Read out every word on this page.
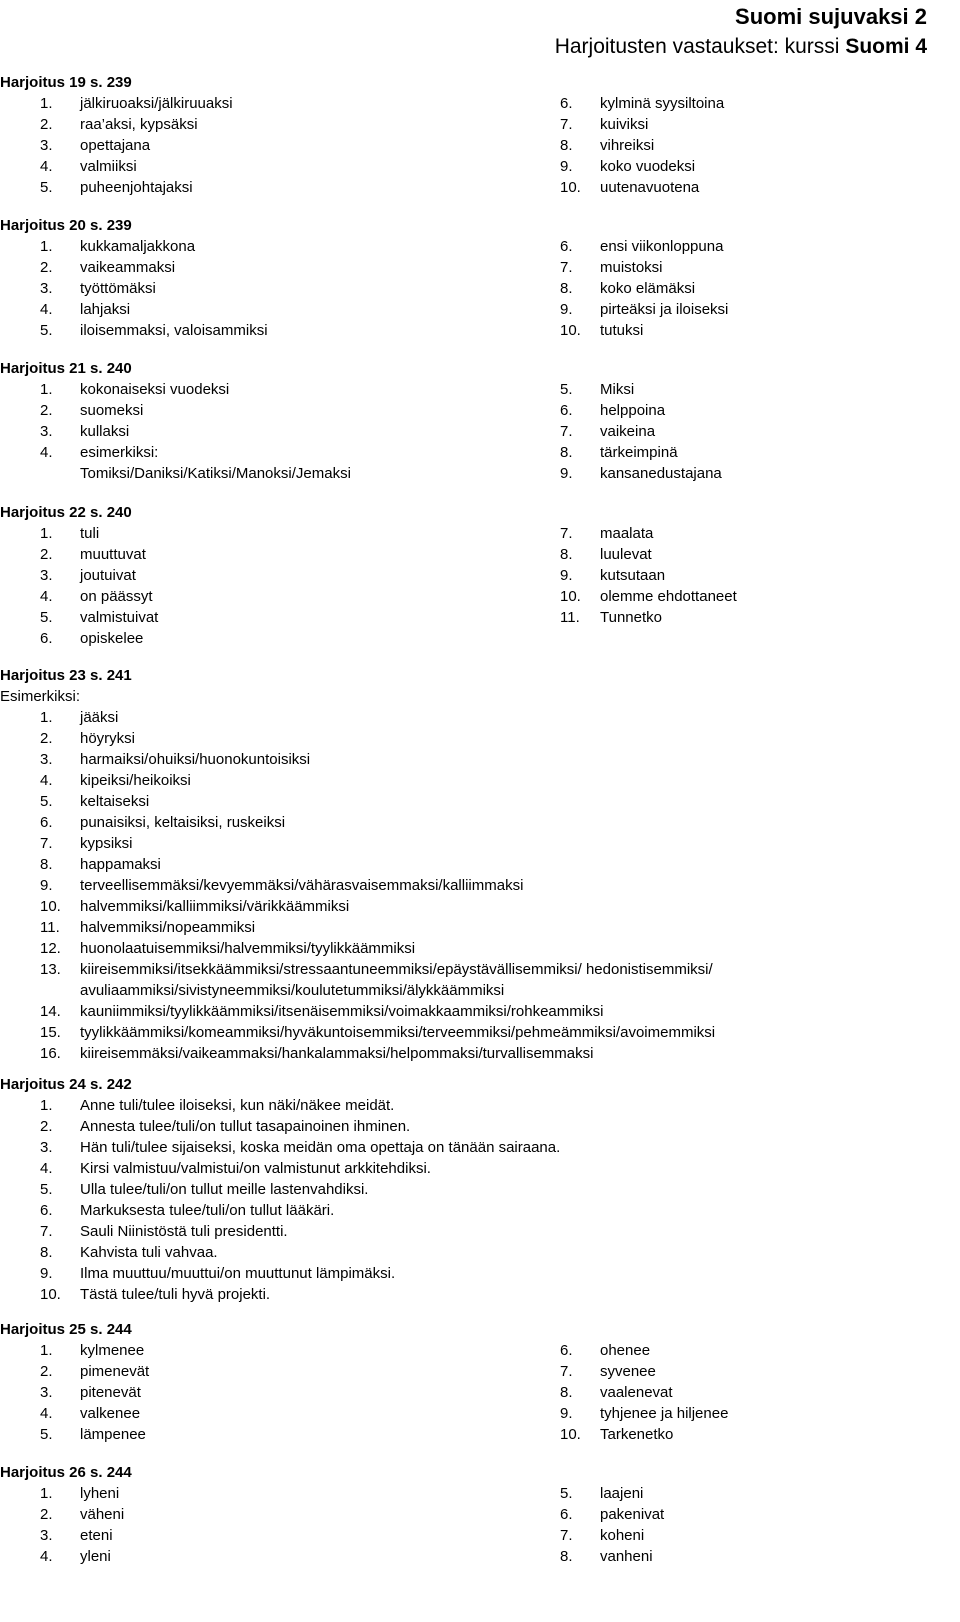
Suomi sujuvaksi 2
Harjoitusten vastaukset: kurssi Suomi 4
Harjoitus 19 s. 239
1. jälkiruoaksi/jälkiruuaksi
2. raa’aksi, kypsäksi
3. opettajana
4. valmiiksi
5. puheenjohtajaksi
6. kylminä syysiltoina
7. kuiviksi
8. vihreiksi
9. koko vuodeksi
10. uutenavuotena
Harjoitus 20 s. 239
1. kukkamaljakkona
2. vaikeammaksi
3. työttömäksi
4. lahjaksi
5. iloisemmaksi, valoisammiksi
6. ensi viikonloppuna
7. muistoksi
8. koko elämäksi
9. pirteäksi ja iloiseksi
10. tutuksi
Harjoitus 21 s. 240
1. kokonaiseksi vuodeksi
2. suomeksi
3. kullaksi
4. esimerkiksi:
Tomiksi/Daniksi/Katiksi/Manoksi/Jemaksi
5. Miksi
6. helppoina
7. vaikeina
8. tärkeimpinä
9. kansanedustajana
Harjoitus 22 s. 240
1. tuli
2. muuttuvat
3. joutuivat
4. on päässyt
5. valmistuivat
6. opiskelee
7. maalata
8. luulevat
9. kutsutaan
10. olemme ehdottaneet
11. Tunnetko
Harjoitus 23 s. 241
Esimerkiksi:
1. jääksi
2. höyryksi
3. harmaiksi/ohuiksi/huonokuntoisiksi
4. kipeiksi/heikoiksi
5. keltaiseksi
6. punaisiksi, keltaisiksi, ruskeiksi
7. kypsiksi
8. happamaksi
9. terveellisemmäksi/kevyemmäksi/vähärasvaisemmaksi/kalliimmaksi
10. halvemmiksi/kalliimmiksi/värikkäämmiksi
11. halvemmiksi/nopeammiksi
12. huonolaatuisemmiksi/halvemmiksi/tyylikkäämmiksi
13. kiireisemmiksi/itsekkäämmiksi/stressaantuneemmiksi/epäystävällisemmiksi/ hedonistisemmiksi/ avuliaammiksi/sivistyneemmiksi/koulutetummiksi/älykkäämmiksi
14. kauniimmiksi/tyylikkäämmiksi/itsenäisemmiksi/voimakkaammiksi/rohkeammiksi
15. tyylikkäämmiksi/komeammiksi/hyväkuntoisemmiksi/terveemmiksi/pehmeämmiksi/avoimemmiksi
16. kiireisemmäksi/vaikeammaksi/hankalammaksi/helpommaksi/turvallisemmaksi
Harjoitus 24 s. 242
1. Anne tuli/tulee iloiseksi, kun näki/näkee meidät.
2. Annesta tulee/tuli/on tullut tasapainoinen ihminen.
3. Hän tuli/tulee sijaiseksi, koska meidän oma opettaja on tänään sairaana.
4. Kirsi valmistuu/valmistui/on valmistunut arkkitehdiksi.
5. Ulla tulee/tuli/on tullut meille lastenvahdiksi.
6. Markuksesta tulee/tuli/on tullut lääkäri.
7. Sauli Niinistöstä tuli presidentti.
8. Kahvista tuli vahvaa.
9. Ilma muuttuu/muuttui/on muuttunut lämpimäksi.
10. Tästä tulee/tuli hyvä projekti.
Harjoitus 25 s. 244
1. kylmenee
2. pimenevät
3. pitenevät
4. valkenee
5. lämpenee
6. ohenee
7. syvenee
8. vaalenevat
9. tyhjenee ja hiljenee
10. Tarkenetko
Harjoitus 26 s. 244
1. lyheni
2. väheni
3. eteni
4. yleni
5. laajeni
6. pakenivat
7. koheni
8. vanheni
